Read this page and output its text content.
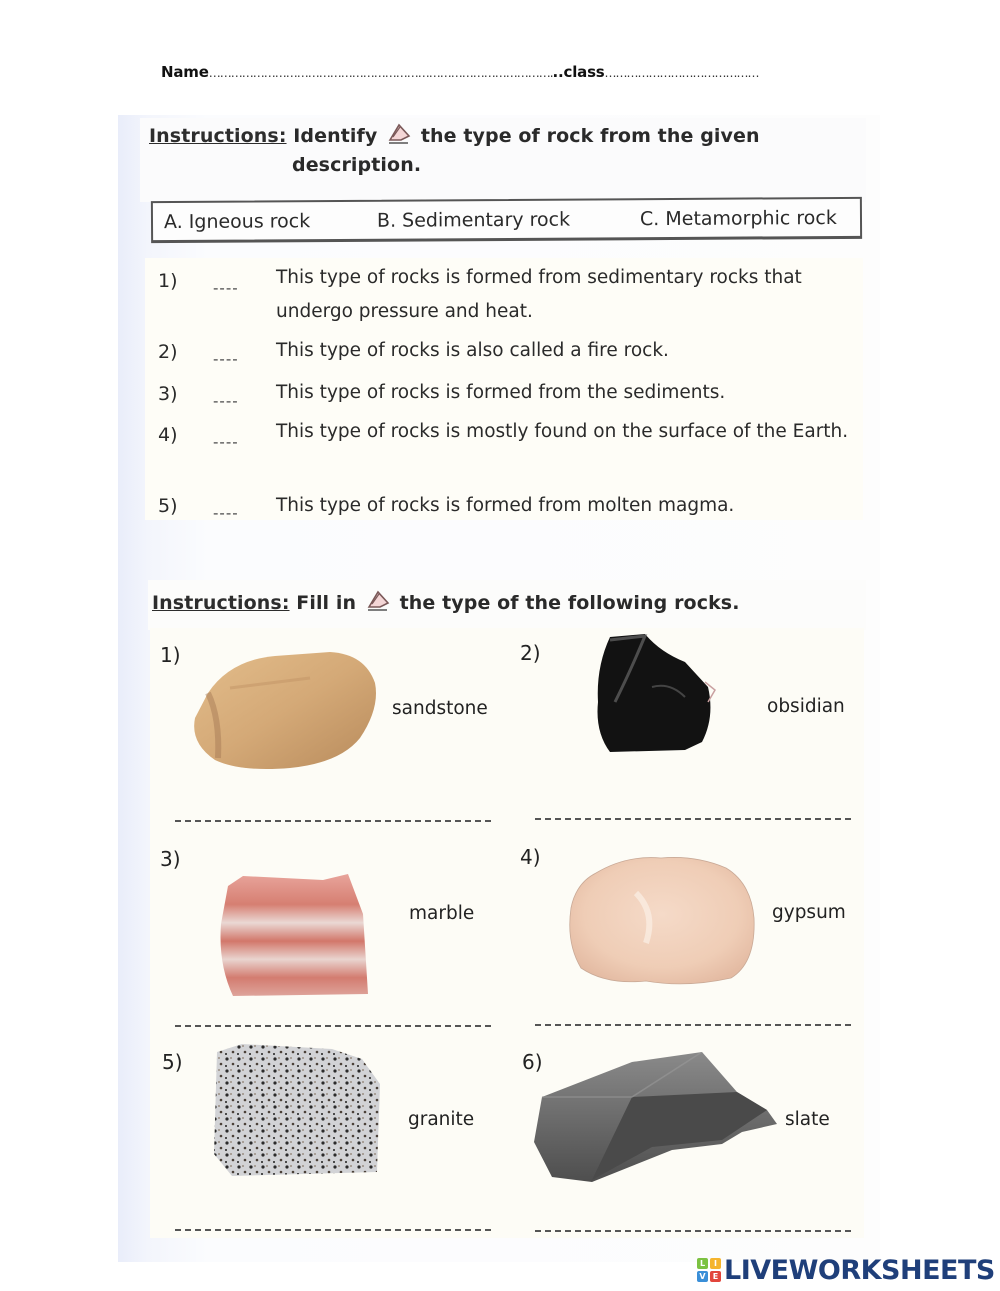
Name…………………………………………………………………………………...class……………………………………
Instructions: Identify the type of rock from the given
description.
A. Igneous rock	B. Sedimentary rock	C. Metamorphic rock
1) ---- This type of rocks is formed from sedimentary rocks that undergo pressure and heat.
2) ---- This type of rocks is also called a fire rock.
3) ---- This type of rocks is formed from the sediments.
4) ---- This type of rocks is mostly found on the surface of the Earth.
5) ---- This type of rocks is formed from molten magma.
Instructions: Fill in the type of the following rocks.
1)
sandstone
2)
obsidian
3)
marble
4)
gypsum
5)
granite
6)
slate
L	I
V E LIVEWORKSHEETS
